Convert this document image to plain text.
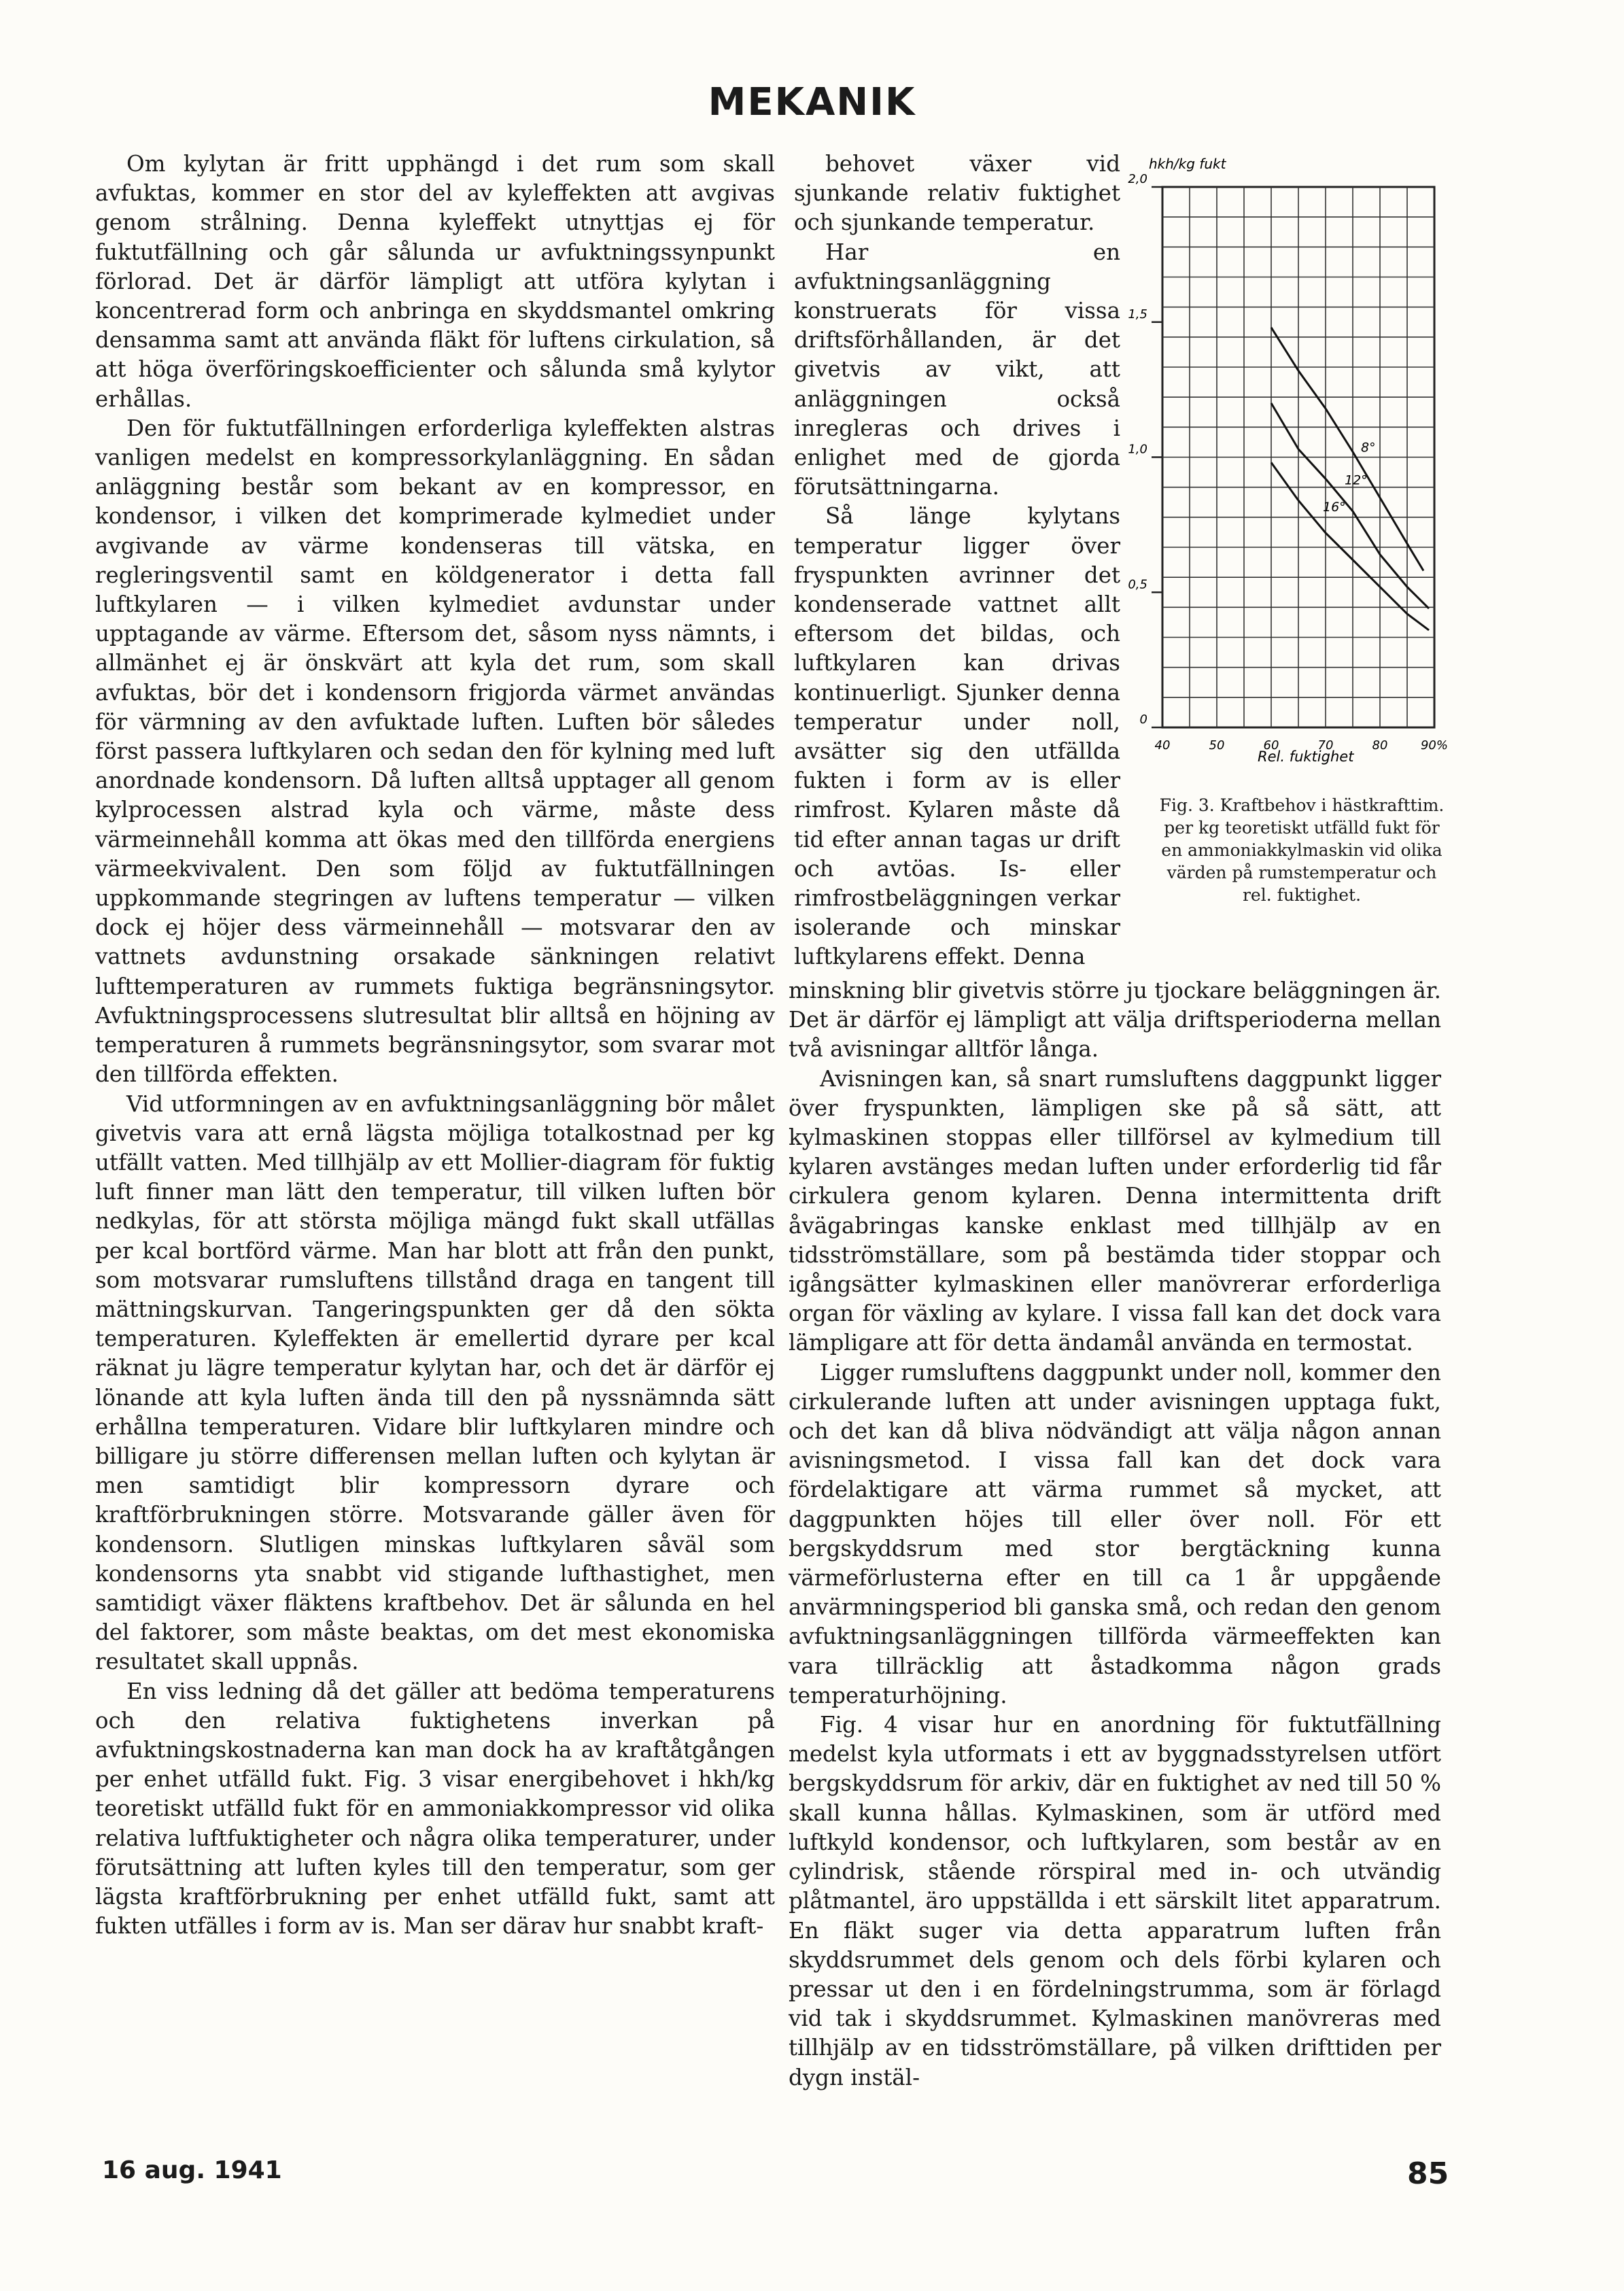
MEKANIK

Om kylytan är fritt upphängd i det rum som skall avfuktas, kommer en stor del av kyleffekten att avgivas genom strålning. Denna kyleffekt utnyttjas ej för fuktutfällning och går sålunda ur avfuktningssynpunkt förlorad. Det är därför lämpligt att utföra kylytan i koncentrerad form och anbringa en skyddsmantel omkring densamma samt att använda fläkt för luftens cirkulation, så att höga överföringskoefficienter och sålunda små kylytor erhållas.

Den för fuktutfällningen erforderliga kyleffekten alstras vanligen medelst en kompressorkylanläggning. En sådan anläggning består som bekant av en kompressor, en kondensor, i vilken det komprimerade kylmediet under avgivande av värme kondenseras till vätska, en regleringsventil samt en köldgenerator i detta fall luftkylaren — i vilken kylmediet avdunstar under upptagande av värme. Eftersom det, såsom nyss nämnts, i allmänhet ej är önskvärt att kyla det rum, som skall avfuktas, bör det i kondensorn frigjorda värmet användas för värmning av den avfuktade luften. Luften bör således först passera luftkylaren och sedan den för kylning med luft anordnade kondensorn. Då luften alltså upptager all genom kylprocessen alstrad kyla och värme, måste dess värmeinnehåll kommа att ökas med den tillförda energiens värmeekvivalent. Den som följd av fuktutfällningen uppkommande stegringen av luftens temperatur — vilken dock ej höjer dess värmeinnehåll — motsvarar den av vattnets avdunstning orsakade sänkningen relativt lufttemperaturen av rummets fuktiga begränsningsytor. Avfuktningsprocessens slutresultat blir alltså en höjning av temperaturen å rummets begränsningsytor, som svarar mot den tillförda effekten.

Vid utformningen av en avfuktningsanläggning bör målet givetvis vara att ernå lägsta möjliga totalkostnad per kg utfällt vatten. Med tillhjälp av ett Mollier-diagram för fuktig luft finner man lätt den temperatur, till vilken luften bör nedkylas, för att största möjliga mängd fukt skall utfällas per kcal bortförd värme. Man har blott att från den punkt, som motsvarar rumsluftens tillstånd draga en tangent till mättningskurvan. Tangeringspunkten ger då den sökta temperaturen. Kyleffekten är emellertid dyrare per kcal räknat ju lägre temperatur kylytan har, och det är därför ej lönande att kyla luften ända till den på nyssnämnda sätt erhållna temperaturen. Vidare blir luftkylaren mindre och billigare ju större differensen mellan luften och kylytan är men samtidigt blir kompressorn dyrare och kraftförbrukningen större. Motsvarande gäller även för kondensorn. Slutligen minskas luftkylaren såväl som kondensorns yta snabbt vid stigande lufthastighet, men samtidigt växer fläktens kraftbehov. Det är sålunda en hel del faktorer, som måste beaktas, om det mest ekonomiska resultatet skall uppnås.

En viss ledning då det gäller att bedöma temperaturens och den relativa fuktighetens inverkan på avfuktningskostnaderna kan man dock ha av kraftåtgången per enhet utfälld fukt. Fig. 3 visar energibehovet i hkh/kg teoretiskt utfälld fukt för en ammoniakkompressor vid olika relativa luftfuktigheter och några olika temperaturer, under förutsättning att luften kyles till den temperatur, som ger lägsta kraftförbrukning per enhet utfälld fukt, samt att fukten utfälles i form av is. Man ser därav hur snabbt kraft-

behovet växer vid sjunkande relativ fuktighet och sjunkande temperatur.

Har en avfuktningsanläggning konstruerats för vissa driftsförhållanden, är det givetvis av vikt, att anläggningen också inregleras och drives i enlighet med de gjorda förutsättningarna.

Så länge kylytans temperatur ligger över fryspunkten avrinner det kondenserade vattnet allt eftersom det bildas, och luftkylaren kan drivas kontinuerligt. Sjunker denna temperatur under noll, avsätter sig den utfällda fukten i form av is eller rimfrost. Kylaren måste då tid efter annan tagas ur drift och avtöas. Is- eller rimfrostbeläggningen verkar isolerande och minskar luftkylarens effekt. Denna

minskning blir givetvis större ju tjockare beläggningen är. Det är därför ej lämpligt att välja driftsperioderna mellan två avisningar alltför långa.

Avisningen kan, så snart rumsluftens daggpunkt ligger över fryspunkten, lämpligen ske på så sätt, att kylmaskinen stoppas eller tillförsel av kylmedium till kylaren avstänges medan luften under erforderlig tid får cirkulera genom kylaren. Denna intermittenta drift åvägabringas kanske enklast med tillhjälp av en tidsströmställare, som på bestämda tider stoppar och igångsätter kylmaskinen eller manövrerar erforderliga organ för växling av kylare. I vissa fall kan det dock vara lämpligare att för detta ändamål använda en termostat.

Ligger rumsluftens daggpunkt under noll, kommer den cirkulerande luften att under avisningen upptaga fukt, och det kan då bliva nödvändigt att välja någon annan avisningsmetod. I vissa fall kan det dock vara fördelaktigare att värma rummet så mycket, att daggpunkten höjes till eller över noll. För ett bergskyddsrum med stor bergtäckning kunna värmeförlusterna efter en till ca 1 år uppgående anvärmningsperiod bli ganska små, och redan den genom avfuktningsanläggningen tillförda värmeeffekten kan vara tillräcklig att åstadkomma någon grads temperaturhöjning.

Fig. 4 visar hur en anordning för fuktutfällning medelst kyla utformats i ett av byggnadsstyrelsen utfört bergskyddsrum för arkiv, där en fuktighet av ned till 50 % skall kunna hållas. Kylmaskinen, som är utförd med luftkyld kondensor, och luftkylaren, som består av en cylindrisk, stående rörspiral med in- och utvändig plåtmantel, äro uppställda i ett särskilt litet apparatrum. En fläkt suger via detta apparatrum luften från skyddsrummet dels genom och dels förbi kylaren och pressar ut den i en fördelningstrumma, som är förlagd vid tak i skyddsrummet. Kylmaskinen manövreras med tillhjälp av en tidsströmställare, på vilken drifttiden per dygn instäl-

hkh/kg fukt
2,0
1,5
1,0
0,5
0
40	50	60	70	80	90%
8°
12°
16°
Rel. fuktighet
Fig. 3. Kraftbehov i hästkrafttim. per kg teoretiskt utfälld fukt för en ammoniakkylmaskin vid olika värden på rumstemperatur och rel. fuktighet.
16 aug. 1941	85
